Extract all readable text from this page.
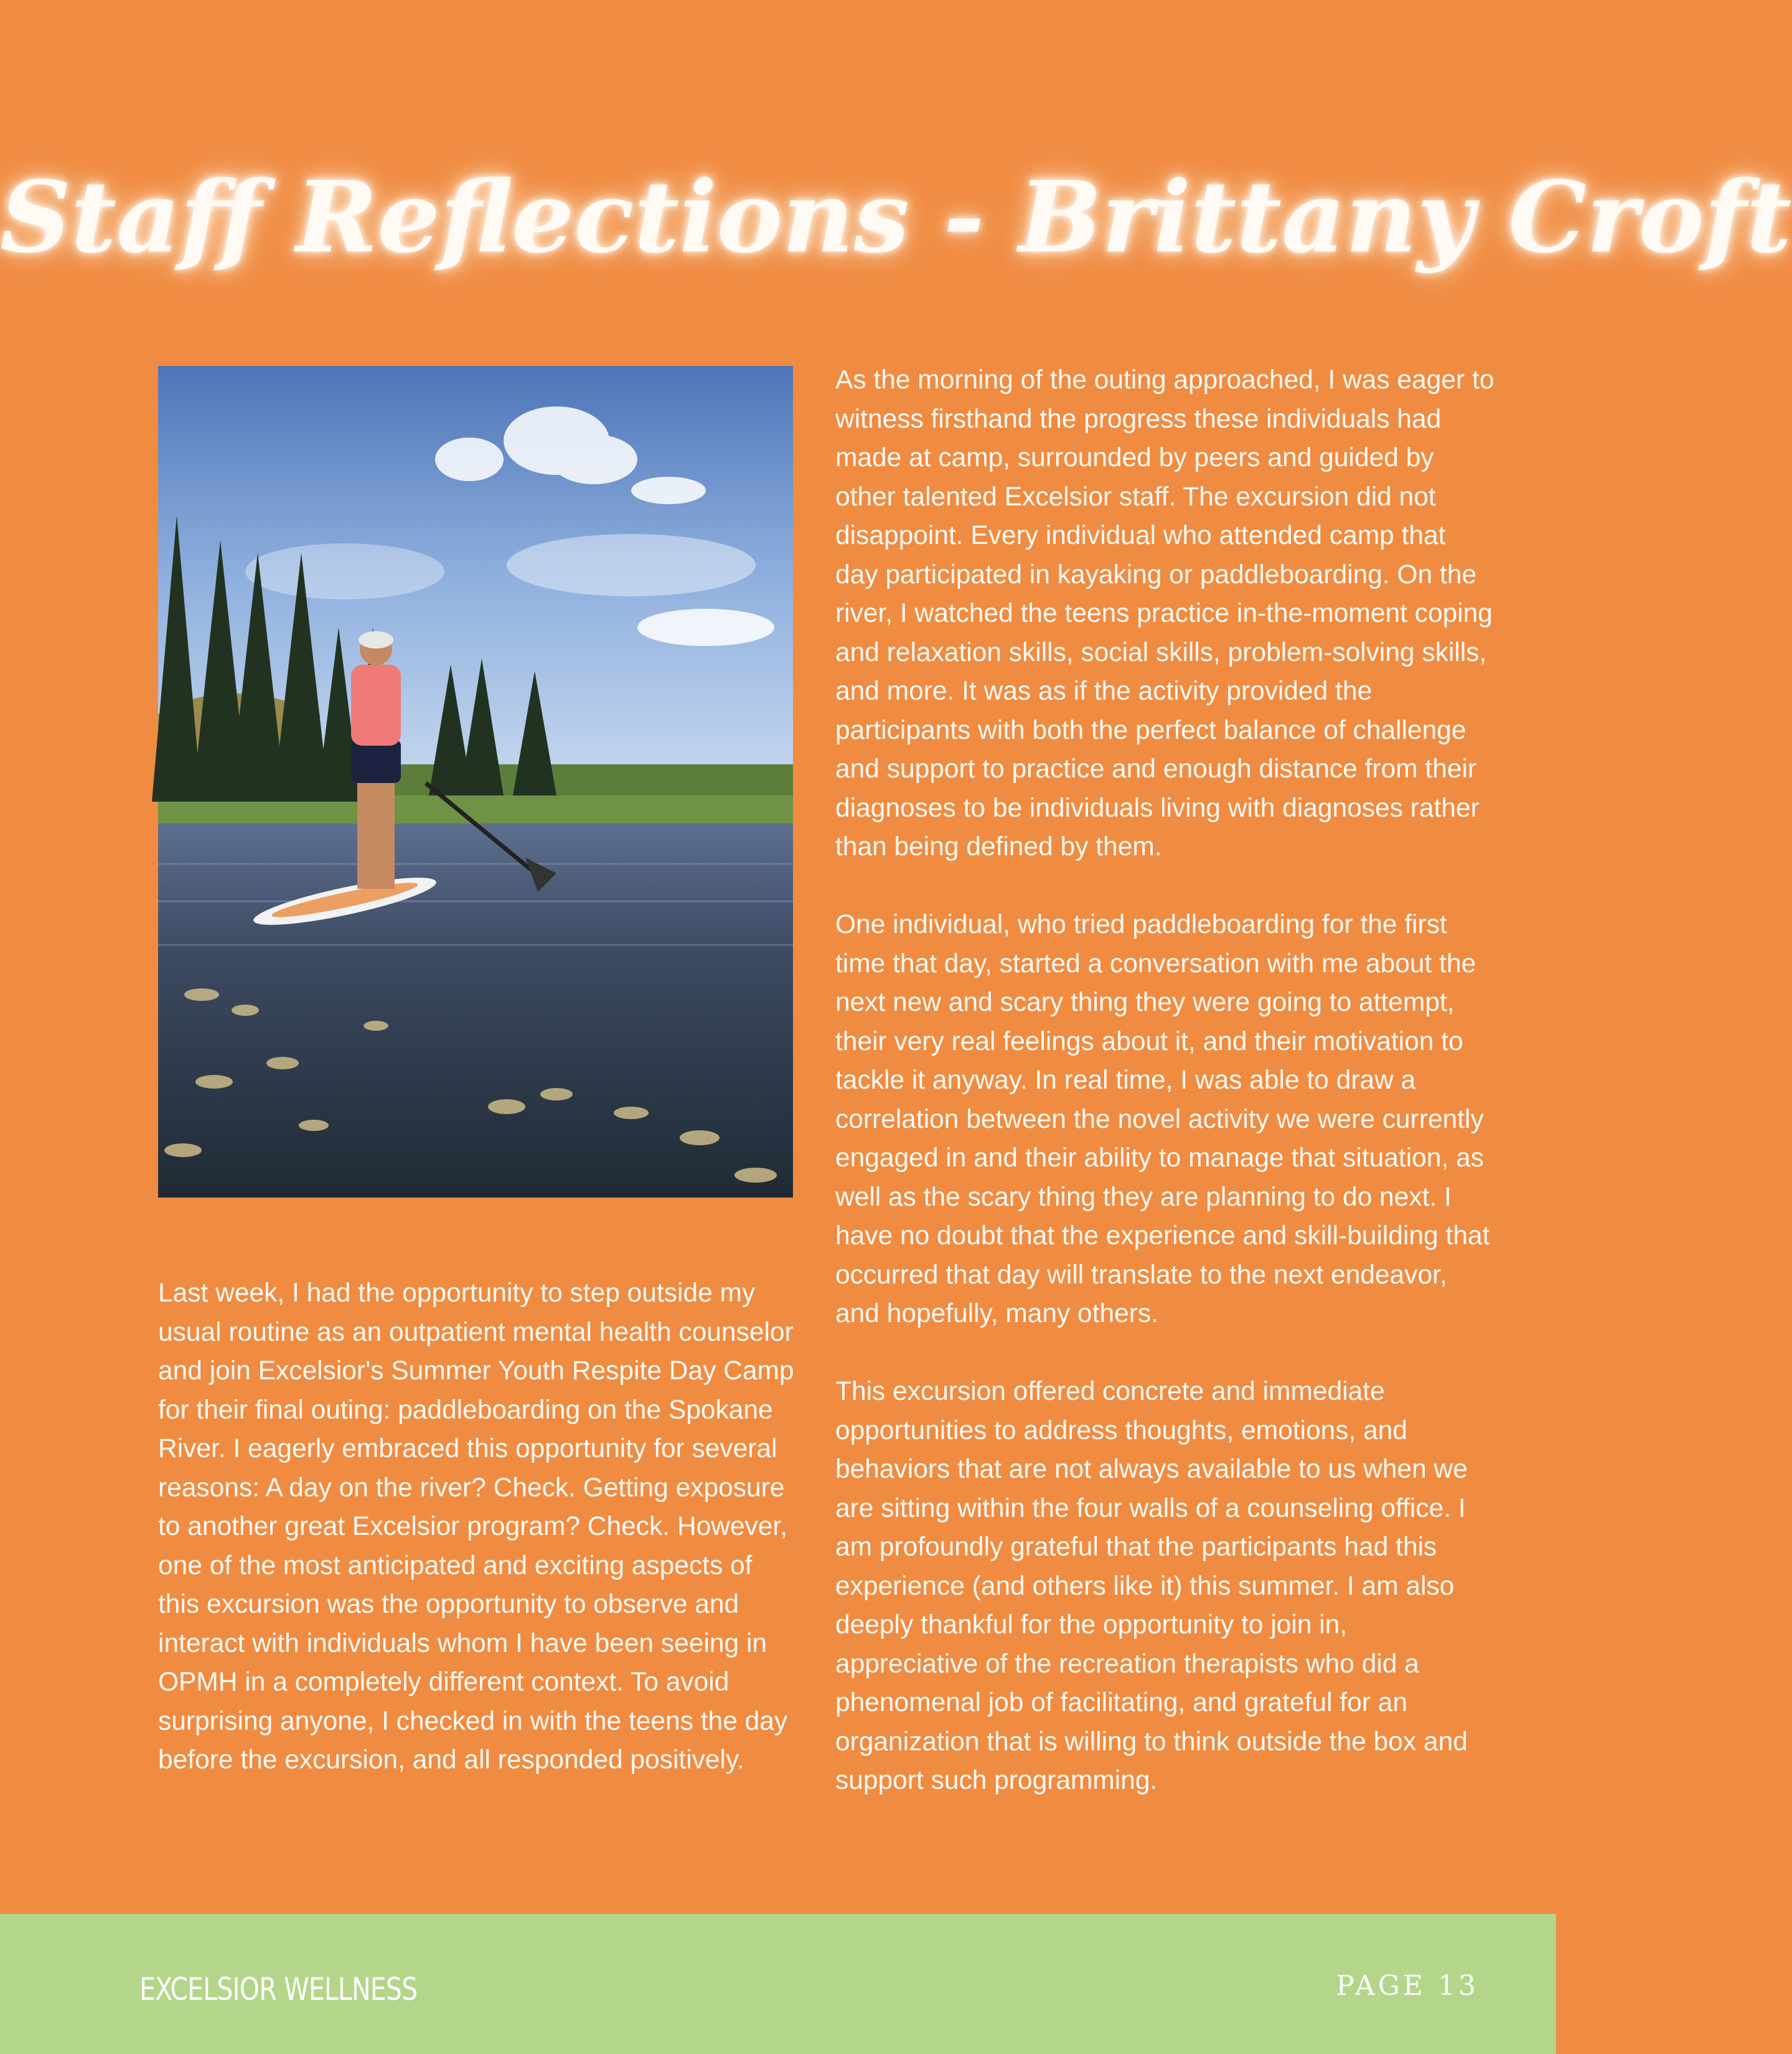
Staff Reflections - Brittany Croft

Last week, I had the opportunity to step outside my usual routine as an outpatient mental health counselor and join Excelsior's Summer Youth Respite Day Camp for their final outing: paddleboarding on the Spokane River. I eagerly embraced this opportunity for several reasons: A day on the river? Check. Getting exposure to another great Excelsior program? Check. However, one of the most anticipated and exciting aspects of this excursion was the opportunity to observe and interact with individuals whom I have been seeing in OPMH in a completely different context. To avoid surprising anyone, I checked in with the teens the day before the excursion, and all responded positively.

As the morning of the outing approached, I was eager to witness firsthand the progress these individuals had made at camp, surrounded by peers and guided by other talented Excelsior staff. The excursion did not disappoint. Every individual who attended camp that day participated in kayaking or paddleboarding. On the river, I watched the teens practice in-the-moment coping and relaxation skills, social skills, problem-solving skills, and more. It was as if the activity provided the participants with both the perfect balance of challenge and support to practice and enough distance from their diagnoses to be individuals living with diagnoses rather than being defined by them.

One individual, who tried paddleboarding for the first time that day, started a conversation with me about the next new and scary thing they were going to attempt, their very real feelings about it, and their motivation to tackle it anyway. In real time, I was able to draw a correlation between the novel activity we were currently engaged in and their ability to manage that situation, as well as the scary thing they are planning to do next. I have no doubt that the experience and skill-building that occurred that day will translate to the next endeavor, and hopefully, many others.

This excursion offered concrete and immediate opportunities to address thoughts, emotions, and behaviors that are not always available to us when we are sitting within the four walls of a counseling office. I am profoundly grateful that the participants had this experience (and others like it) this summer. I am also deeply thankful for the opportunity to join in, appreciative of the recreation therapists who did a phenomenal job of facilitating, and grateful for an organization that is willing to think outside the box and support such programming.

EXCELSIOR WELLNESS	PAGE 13
